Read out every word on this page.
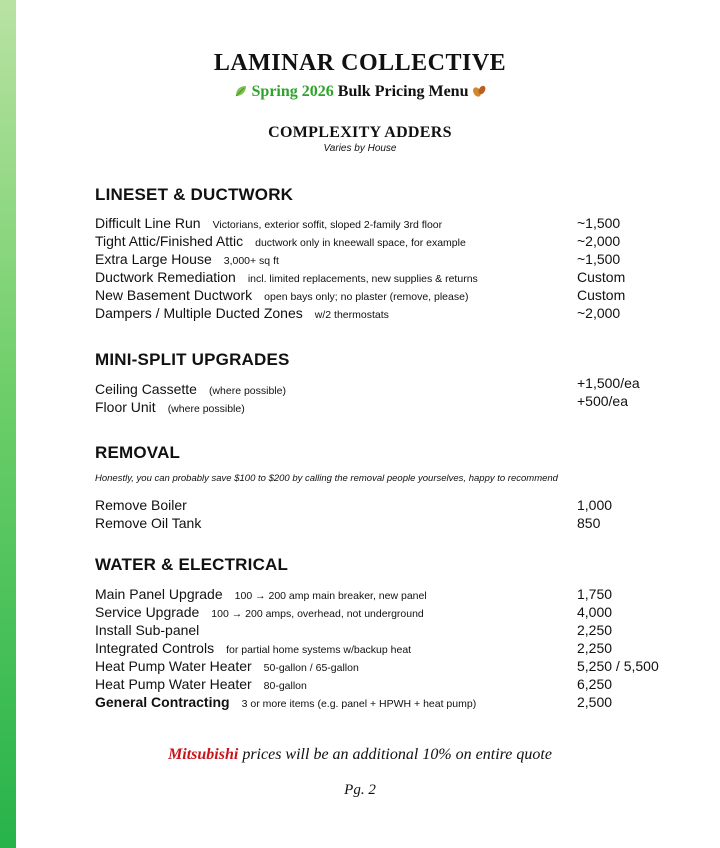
LAMINAR COLLECTIVE
Spring 2026 Bulk Pricing Menu
COMPLEXITY ADDERS
Varies by House
LINESET & DUCTWORK
Difficult Line Run Victorians, exterior soffit, sloped 2-family 3rd floor	~1,500
Tight Attic/Finished Attic ductwork only in kneewall space, for example	~2,000
Extra Large House 3,000+ sq ft	~1,500
Ductwork Remediation incl. limited replacements, new supplies & returns	Custom
New Basement Ductwork open bays only; no plaster (remove, please)	Custom
Dampers / Multiple Ducted Zones w/2 thermostats	~2,000
MINI-SPLIT UPGRADES
Ceiling Cassette (where possible)	+1,500/ea
Floor Unit (where possible)	+500/ea
REMOVAL
Honestly, you can probably save $100 to $200 by calling the removal people yourselves, happy to recommend
Remove Boiler	1,000
Remove Oil Tank	850
WATER & ELECTRICAL
Main Panel Upgrade 100 → 200 amp main breaker, new panel	1,750
Service Upgrade 100 → 200 amps, overhead, not underground	4,000
Install Sub-panel	2,250
Integrated Controls for partial home systems w/backup heat	2,250
Heat Pump Water Heater 50-gallon / 65-gallon	5,250 / 5,500
Heat Pump Water Heater 80-gallon	6,250
General Contracting 3 or more items (e.g. panel + HPWH + heat pump)	2,500
Mitsubishi prices will be an additional 10% on entire quote
Pg. 2
